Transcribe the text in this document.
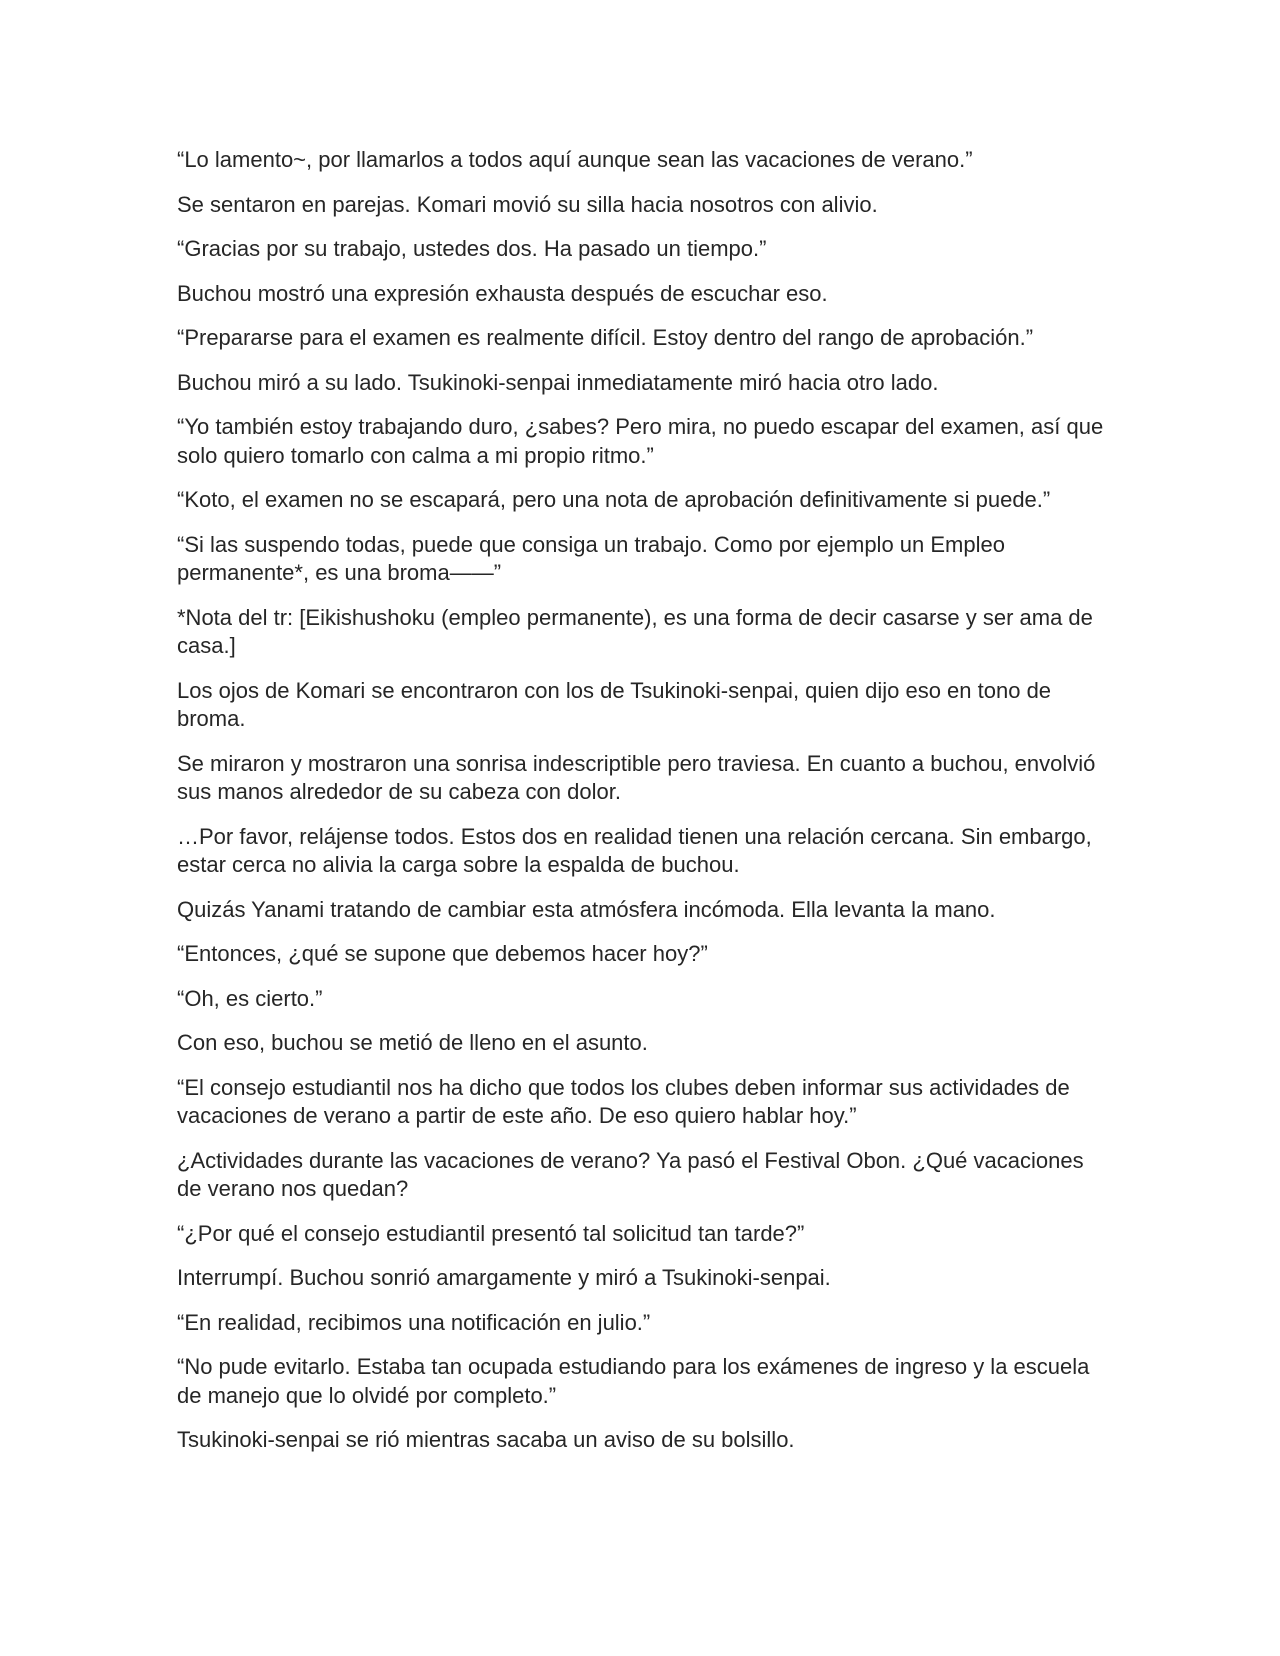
“Lo lamento~, por llamarlos a todos aquí aunque sean las vacaciones de verano.”

Se sentaron en parejas. Komari movió su silla hacia nosotros con alivio.

“Gracias por su trabajo, ustedes dos. Ha pasado un tiempo.”

Buchou mostró una expresión exhausta después de escuchar eso.

“Prepararse para el examen es realmente difícil. Estoy dentro del rango de aprobación.”

Buchou miró a su lado. Tsukinoki-senpai inmediatamente miró hacia otro lado.

“Yo también estoy trabajando duro, ¿sabes? Pero mira, no puedo escapar del examen, así que solo quiero tomarlo con calma a mi propio ritmo.”

“Koto, el examen no se escapará, pero una nota de aprobación definitivamente si puede.”

“Si las suspendo todas, puede que consiga un trabajo. Como por ejemplo un Empleo permanente*, es una broma——”

*Nota del tr: [Eikishushoku (empleo permanente), es una forma de decir casarse y ser ama de casa.]

Los ojos de Komari se encontraron con los de Tsukinoki-senpai, quien dijo eso en tono de broma.

Se miraron y mostraron una sonrisa indescriptible pero traviesa. En cuanto a buchou, envolvió sus manos alrededor de su cabeza con dolor.

…Por favor, relájense todos. Estos dos en realidad tienen una relación cercana. Sin embargo, estar cerca no alivia la carga sobre la espalda de buchou.

Quizás Yanami tratando de cambiar esta atmósfera incómoda. Ella levanta la mano.

“Entonces, ¿qué se supone que debemos hacer hoy?”

“Oh, es cierto.”

Con eso, buchou se metió de lleno en el asunto.

“El consejo estudiantil nos ha dicho que todos los clubes deben informar sus actividades de vacaciones de verano a partir de este año. De eso quiero hablar hoy.”

¿Actividades durante las vacaciones de verano? Ya pasó el Festival Obon. ¿Qué vacaciones de verano nos quedan?

“¿Por qué el consejo estudiantil presentó tal solicitud tan tarde?”

Interrumpí. Buchou sonrió amargamente y miró a Tsukinoki-senpai.

“En realidad, recibimos una notificación en julio.”

“No pude evitarlo. Estaba tan ocupada estudiando para los exámenes de ingreso y la escuela de manejo que lo olvidé por completo.”

Tsukinoki-senpai se rió mientras sacaba un aviso de su bolsillo.
